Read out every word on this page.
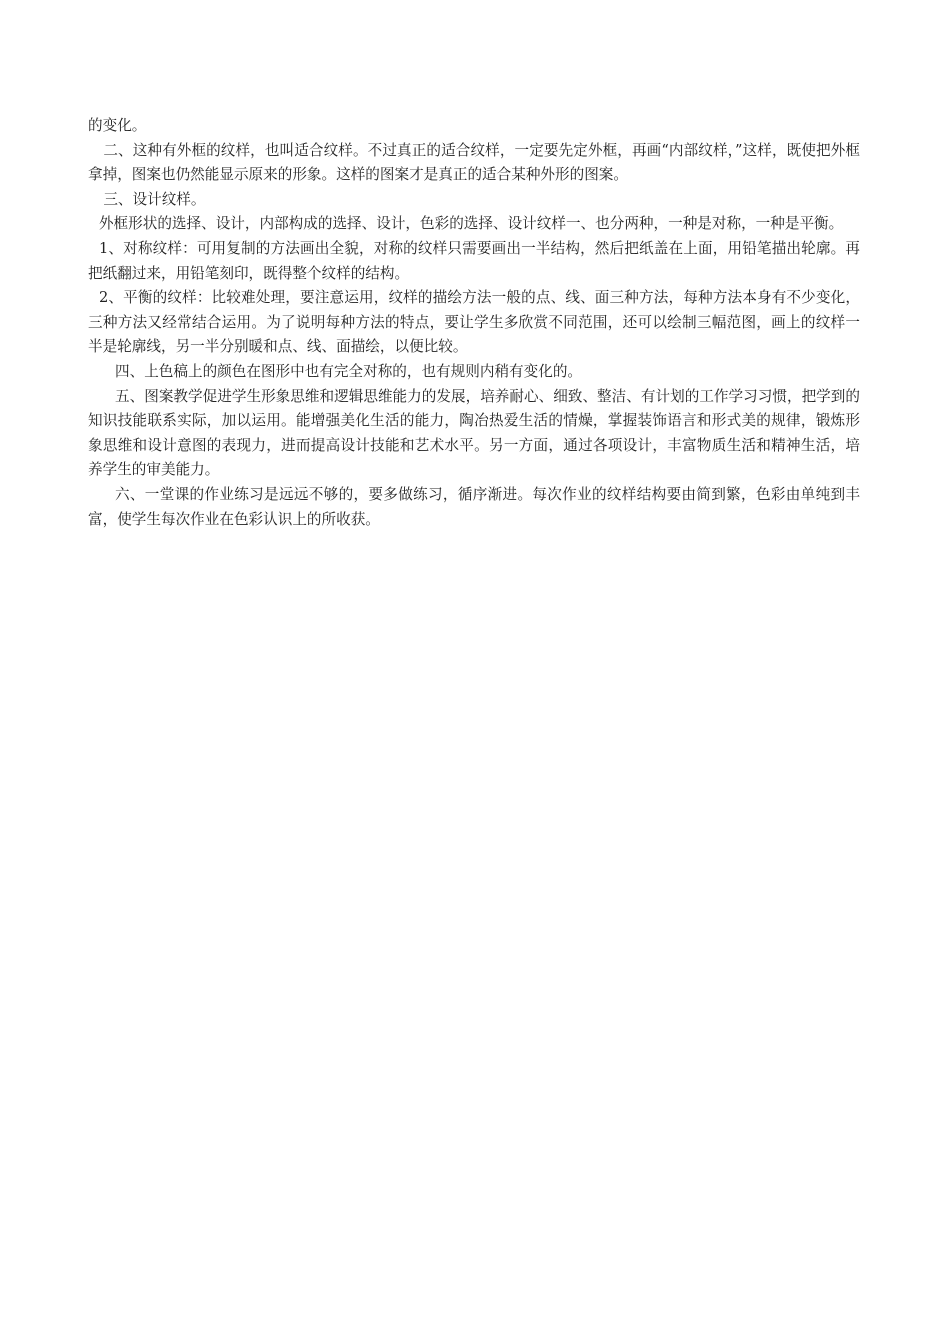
的变化。

二、这种有外框的纹样，也叫适合纹样。不过真正的适合纹样，一定要先定外框，再画“内部纹样，”这样，既使把外框拿掉，图案也仍然能显示原来的形象。这样的图案才是真正的适合某种外形的图案。

三、设计纹样。

外框形状的选择、设计，内部构成的选择、设计，色彩的选择、设计纹样一、也分两种，一种是对称，一种是平衡。

1、对称纹样：可用复制的方法画出全貌，对称的纹样只需要画出一半结构，然后把纸盖在上面，用铅笔描出轮廓。再把纸翻过来，用铅笔刻印，既得整个纹样的结构。

2、平衡的纹样：比较难处理，要注意运用，纹样的描绘方法一般的点、线、面三种方法，每种方法本身有不少变化，三种方法又经常结合运用。为了说明每种方法的特点，要让学生多欣赏不同范围，还可以绘制三幅范图，画上的纹样一半是轮廓线，另一半分别暖和点、线、面描绘，以便比较。

四、上色稿上的颜色在图形中也有完全对称的，也有规则内稍有变化的。

五、图案教学促进学生形象思维和逻辑思维能力的发展，培养耐心、细致、整洁、有计划的工作学习习惯，把学到的知识技能联系实际，加以运用。能增强美化生活的能力，陶冶热爱生活的情燥，掌握装饰语言和形式美的规律，锻炼形象思维和设计意图的表现力，进而提高设计技能和艺术水平。另一方面，通过各项设计，丰富物质生活和精神生活，培养学生的审美能力。

六、一堂课的作业练习是远远不够的，要多做练习，循序渐进。每次作业的纹样结构要由简到繁，色彩由单纯到丰富，使学生每次作业在色彩认识上的所收获。
